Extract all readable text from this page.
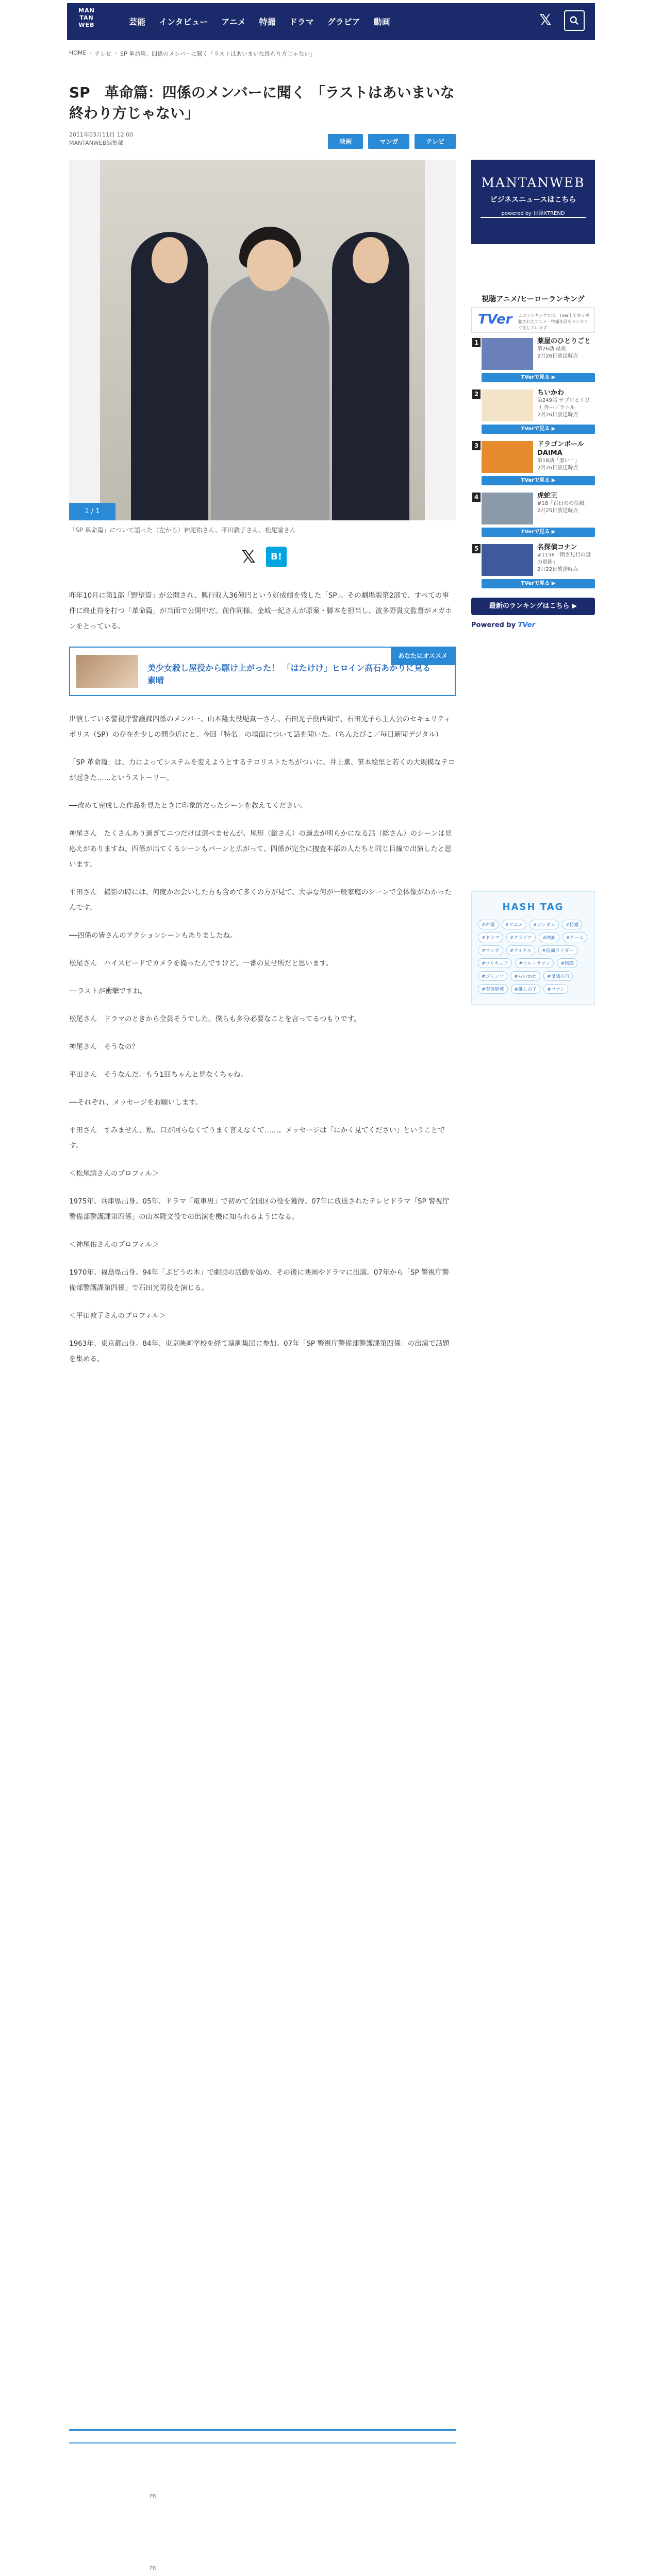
MAN
TAN
WEB	芸能 インタビュー アニメ 特撮 ドラマ グラビア 動画	𝕏
HOME › テレビ › SP 革命篇：四係のメンバーに聞く「ラストはあいまいな終わり方じゃない」
SP　革命篇：四係のメンバーに聞く 「ラストはあいまいな終わり方じゃない」
2011年03月11日 12:00
MANTANWEB編集部	映画	マンガ	テレビ
1 / 1
「SP 革命篇」について語った（左から）神尾佑さん、平田敦子さん、松尾諭さん
𝕏	B!

昨年10月に第1部「野望篇」が公開され、興行収入36億円という好成績を残した「SP」。その劇場版第2部で、すべての事件に終止符を打つ「革命篇」が当面で公開中だ。前作同様、金城一紀さんが原案・脚本を担当し、波多野貴文監督がメガホンをとっている。

あなたにオススメ
美少女殺し屋役から駆け上がった！ 「はたけけ」ヒロイン高石あかりに見る素晴

出演している警視庁警護課四係のメンバー、山本隆太役堤真一さん、石田光子役西間で、石田光子ら主人公のセキュリティポリス（SP）の存在を少しの間身近にと、今回「特名」の場面について話を聞いた。（ちんたびこ／毎日新聞デジタル）

「SP 革命篇」は、力によってシステムを変えようとするテロリストたちがついに、井上薫、笹本絵里と若くの大規模なテロが起きた……というストーリー。

──改めて完成した作品を見たときに印象的だったシーンを教えてください。

神尾さん　たくさんあり過ぎてニつだけは選べませんが、尾形（総さん）の過去が明らかになる話（総さん）のシーンは見応えがありますね。四係が出てくるシーンもバーンと広がって、四係が完全に捜査本部の人たちと同じ目線で出演したと思います。

平田さん　撮影の時には、何度かお会いした方も含めて多くの方が見て、大事な何が一般家庭のシーンで全体像がわかったんです。

──四係の皆さんのアクションシーンもありましたね。

松尾さん　ハイスピードでカメラを撮ったんですけど、一番の見せ所だと思います。

──ラストが衝撃ですね。

松尾さん　ドラマのときから全員そうでした。僕らも多分必要なことを言ってるつもりです。

神尾さん　そうなの？

平田さん　そうなんだ。もう1回ちゃんと見なくちゃね。

──それぞれ、メッセージをお願いします。

平田さん　すみません、私、口が回らなくてうまく言えなくて……。メッセージは「にかく見てください」ということです。

＜松尾諭さんのプロフィル＞

1975年、兵庫県出身。05年、ドラマ「電車男」で初めて全国区の役を獲得。07年に放送されたテレビドラマ「SP 警視庁警備部警護課第四係」の山本隆文役での出演を機に知られるようになる。

＜神尾佑さんのプロフィル＞

1970年、福島県出身。94年「ぶどうの木」で劇団の活動を始め、その後に映画やドラマに出演。07年から「SP 警視庁警備部警護課第四係」で石田光男役を演じる。

＜平田敦子さんのプロフィル＞

1963年、東京都出身。84年、東京映画学校を経て演劇集団に参加。07年「SP 警視庁警備部警護課第四係」の出演で話題を集める。

PR
PR
MANTANWEB
ビジネスニュースはこちら
powered by 日経XTREND
視聴アニメ/ヒーローランキング
TVer このランキングでは、TVer上で多く視聴されたアニメ・特撮作品をランキング化しています
1	薬屋のひとりごと
第26話 最後
2月26日放送時点
TVerで見る ▶
2	ちいかわ
第249話 サプロとくびリ 外ー／ラトル
2月26日放送時点
TVerで見る ▶
3	ドラゴンボール DAIMA
第18話「悪い一」
2月26日放送時点
TVerで見る ▶
4	虎蛇王
#18「百日のの信頼」
2月25日放送時点
TVerで見る ▶
5	名探偵コナン
#1158「閉ざ見行の謎の別冊」
2月22日放送時点
TVerで見る ▶
最新のランキングはこちら ▶
Powered by TVer
HASH TAG
#声優	#アニメ	#ガンダム	#特撮
#ドラマ	#グラビア	#映画	#ゲーム
#マンガ	#アイドル	#仮面ライダー
#プリキュア	#ウルトラマン	#戦隊
#ジャンプ	#ちいかわ	#鬼滅の刃
#呪術廻戦	#推しの子	#コナン
